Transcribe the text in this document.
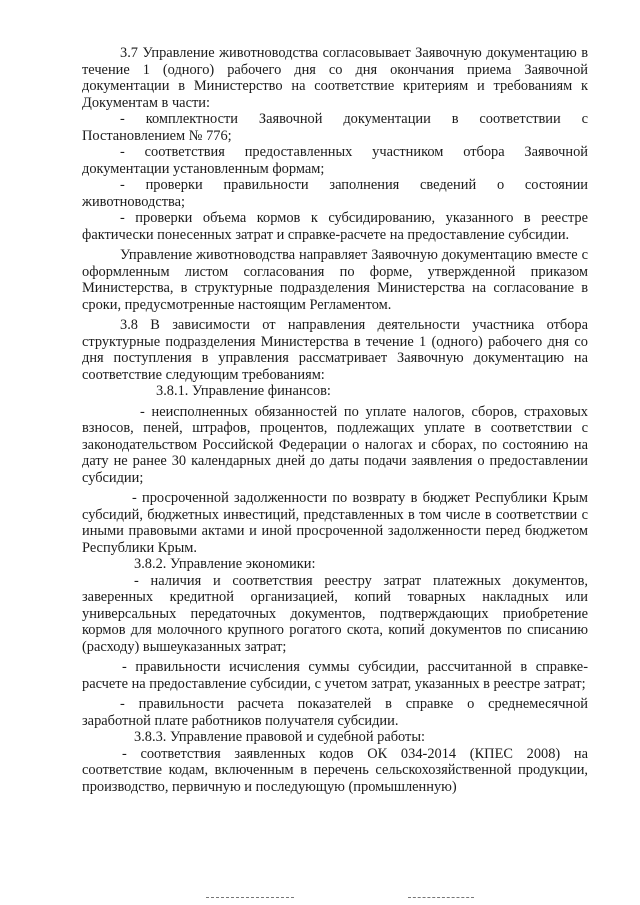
3.7 Управление животноводства согласовывает Заявочную документацию в течение 1 (одного) рабочего дня со дня окончания приема Заявочной документации в Министерство на соответствие критериям и требованиям к Документам в части:

- комплектности Заявочной документации в соответствии с Постановлением № 776;

- соответствия предоставленных участником отбора Заявочной документации установленным формам;

- проверки правильности заполнения сведений о состоянии животноводства;

- проверки объема кормов к субсидированию, указанного в реестре фактически понесенных затрат и справке-расчете на предоставление субсидии.

Управление животноводства направляет Заявочную документацию вместе с оформленным листом согласования по форме, утвержденной приказом Министерства, в структурные подразделения Министерства на согласование в сроки, предусмотренные настоящим Регламентом.

3.8 В зависимости от направления деятельности участника отбора структурные подразделения Министерства в течение 1 (одного) рабочего дня со дня поступления в управления рассматривает Заявочную документацию на соответствие следующим требованиям:

3.8.1. Управление финансов:

- неисполненных обязанностей по уплате налогов, сборов, страховых взносов, пеней, штрафов, процентов, подлежащих уплате в соответствии с законодательством Российской Федерации о налогах и сборах, по состоянию на дату не ранее 30 календарных дней до даты подачи заявления о предоставлении субсидии;

- просроченной задолженности по возврату в бюджет Республики Крым субсидий, бюджетных инвестиций, представленных в том числе в соответствии с иными правовыми актами и иной просроченной задолженности перед бюджетом Республики Крым.

3.8.2. Управление экономики:

- наличия и соответствия реестру затрат платежных документов, заверенных кредитной организацией, копий товарных накладных или универсальных передаточных документов, подтверждающих приобретение кормов для молочного крупного рогатого скота, копий документов по списанию (расходу) вышеуказанных затрат;

- правильности исчисления суммы субсидии, рассчитанной в справке-расчете на предоставление субсидии, с учетом затрат, указанных в реестре затрат;

- правильности расчета показателей в справке о среднемесячной заработной плате работников получателя субсидии.

3.8.3. Управление правовой и судебной работы:

- соответствия заявленных кодов ОК 034-2014 (КПЕС 2008) на соответствие кодам, включенным в перечень сельскохозяйственной продукции, производство, первичную и последующую (промышленную)
